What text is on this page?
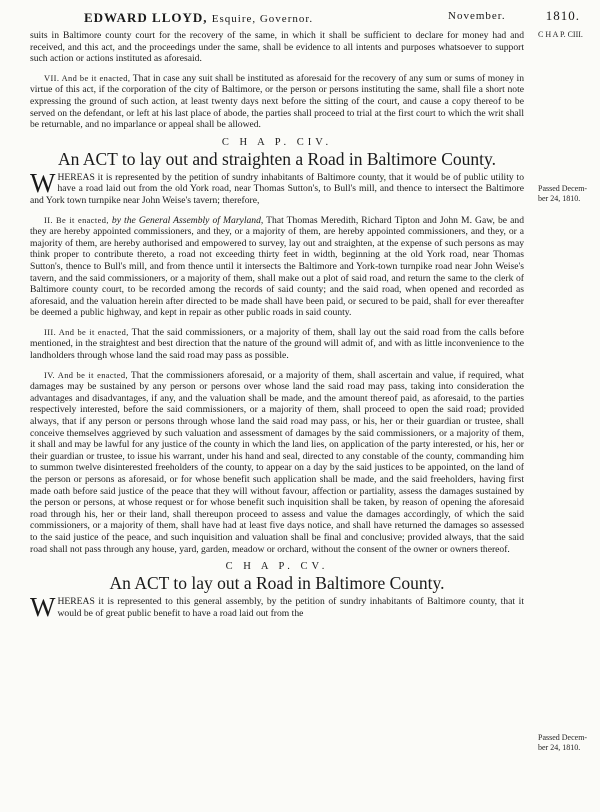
EDWARD LLOYD, Esquire, Governor.	November.	1810.
C H A P. CIII.
Passed Decem- ber 24, 1810.
Passed Decem- ber 24, 1810.

suits in Baltimore county court for the recovery of the same, in which it shall be sufficient to declare for money had and received, and this act, and the proceedings under the same, shall be evidence to all intents and purposes whatsoever to support such action or actions instituted as aforesaid.

VII. And be it enacted, That in case any suit shall be instituted as aforesaid for the recovery of any sum or sums of money in virtue of this act, if the corporation of the city of Baltimore, or the person or persons instituting the same, shall file a short note expressing the ground of such action, at least twenty days next before the sitting of the court, and cause a copy thereof to be served on the defendant, or left at his last place of abode, the parties shall proceed to trial at the first court to which the writ shall be returnable, and no imparlance or appeal shall be allowed.

C H A P. CIV.
An ACT to lay out and straighten a Road in Baltimore County.

WHEREAS it is represented by the petition of sundry inhabitants of Baltimore county, that it would be of public utility to have a road laid out from the old York road, near Thomas Sutton's, to Bull's mill, and thence to intersect the Baltimore and York town turnpike near John Weise's tavern; therefore,

II. Be it enacted, by the General Assembly of Maryland, That Thomas Meredith, Richard Tipton and John M. Gaw, be and they are hereby appointed commissioners, and they, or a majority of them, are hereby appointed commissioners, and they, or a majority of them, are hereby authorised and empowered to survey, lay out and straighten, at the expense of such persons as may think proper to contribute thereto, a road not exceeding thirty feet in width, beginning at the old York road, near Thomas Sutton's, thence to Bull's mill, and from thence until it intersects the Baltimore and York-town turnpike road near John Weise's tavern, and the said commissioners, or a majority of them, shall make out a plot of said road, and return the same to the clerk of Baltimore county court, to be recorded among the records of said county; and the said road, when opened and recorded as aforesaid, and the valuation herein after directed to be made shall have been paid, or secured to be paid, shall for ever thereafter be deemed a public highway, and kept in repair as other public roads in said county.

III. And be it enacted, That the said commissioners, or a majority of them, shall lay out the said road from the calls before mentioned, in the straightest and best direction that the nature of the ground will admit of, and with as little inconvenience to the landholders through whose land the said road may pass as possible.

IV. And be it enacted, That the commissioners aforesaid, or a majority of them, shall ascertain and value, if required, what damages may be sustained by any person or persons over whose land the said road may pass, taking into consideration the advantages and disadvantages, if any, and the valuation shall be made, and the amount thereof paid, as aforesaid, to the parties respectively interested, before the said commissioners, or a majority of them, shall proceed to open the said road; provided always, that if any person or persons through whose land the said road may pass, or his, her or their guardian or trustee, shall conceive themselves aggrieved by such valuation and assessment of damages by the said commissioners, or a majority of them, it shall and may be lawful for any justice of the county in which the land lies, on application of the party interested, or his, her or their guardian or trustee, to issue his warrant, under his hand and seal, directed to any constable of the county, commanding him to summon twelve disinterested freeholders of the county, to appear on a day by the said justices to be appointed, on the land of the person or persons as aforesaid, or for whose benefit such application shall be made, and the said freeholders, having first made oath before said justice of the peace that they will without favour, affection or partiality, assess the damages sustained by the person or persons, at whose request or for whose benefit such inquisition shall be taken, by reason of opening the aforesaid road through his, her or their land, shall thereupon proceed to assess and value the damages accordingly, of which the said commissioners, or a majority of them, shall have had at least five days notice, and shall have returned the damages so assessed to the said justice of the peace, and such inquisition and valuation shall be final and conclusive; provided always, that the said road shall not pass through any house, yard, garden, meadow or orchard, without the consent of the owner or owners thereof.

C H A P. CV.
An ACT to lay out a Road in Baltimore County.

WHEREAS it is represented to this general assembly, by the petition of sundry inhabitants of Baltimore county, that it would be of great public benefit to have a road laid out from the
